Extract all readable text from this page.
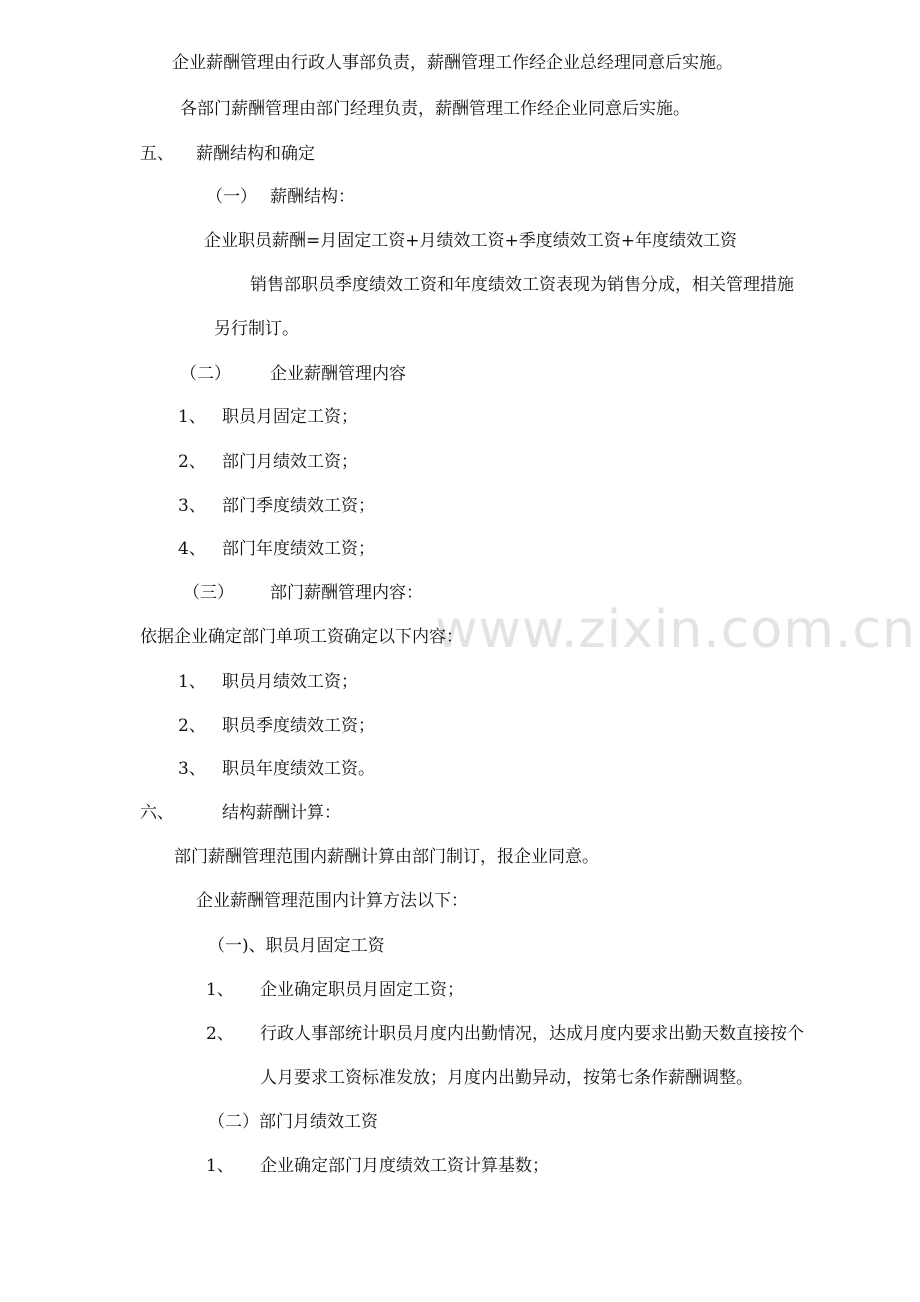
www.zixin.com.cn
企业薪酬管理由行政人事部负责，薪酬管理工作经企业总经理同意后实施。
各部门薪酬管理由部门经理负责，薪酬管理工作经企业同意后实施。
五、 薪酬结构和确定
（一） 薪酬结构：
企业职员薪酬=月固定工资+月绩效工资+季度绩效工资+年度绩效工资
销售部职员季度绩效工资和年度绩效工资表现为销售分成，相关管理措施
另行制订。
（二） 企业薪酬管理内容
1、 职员月固定工资；
2、 部门月绩效工资；
3、 部门季度绩效工资；
4、 部门年度绩效工资；
（三） 部门薪酬管理内容：
依据企业确定部门单项工资确定以下内容：
1、 职员月绩效工资；
2、 职员季度绩效工资；
3、 职员年度绩效工资。
六、	结构薪酬计算：
部门薪酬管理范围内薪酬计算由部门制订，报企业同意。
企业薪酬管理范围内计算方法以下：
（一)、职员月固定工资
1、 企业确定职员月固定工资；
2、 行政人事部统计职员月度内出勤情况，达成月度内要求出勤天数直接按个
人月要求工资标准发放；月度内出勤异动，按第七条作薪酬调整。
（二）部门月绩效工资
1、 企业确定部门月度绩效工资计算基数；
